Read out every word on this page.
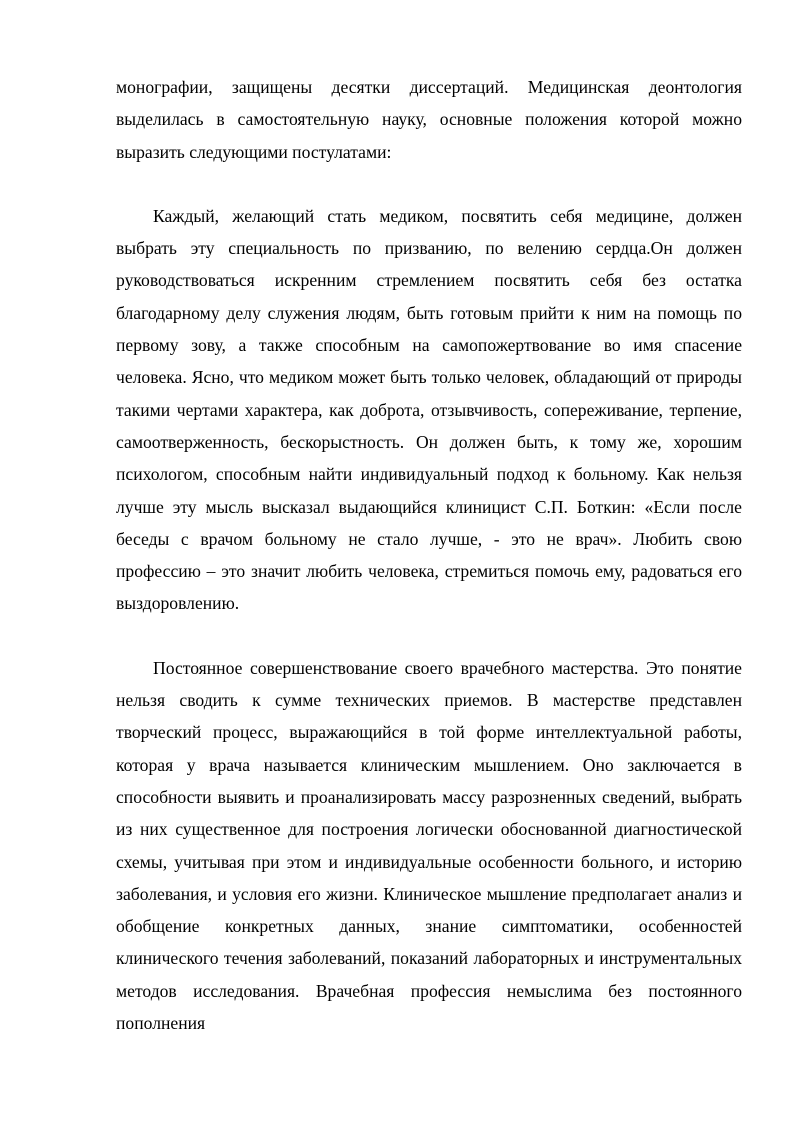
монографии, защищены десятки диссертаций. Медицинская деонтология выделилась в самостоятельную науку, основные положения которой можно выразить следующими постулатами:

Каждый, желающий стать медиком, посвятить себя медицине, должен выбрать эту специальность по призванию, по велению сердца.Он должен руководствоваться искренним стремлением посвятить себя без остатка благодарному делу служения людям, быть готовым прийти к ним на помощь по первому зову, а также способным на самопожертвование во имя спасение человека. Ясно, что медиком может быть только человек, обладающий от природы такими чертами характера, как доброта, отзывчивость, сопереживание, терпение, самоотверженность, бескорыстность. Он должен быть, к тому же, хорошим психологом, способным найти индивидуальный подход к больному. Как нельзя лучше эту мысль высказал выдающийся клиницист С.П. Боткин: «Если после беседы с врачом больному не стало лучше, - это не врач». Любить свою профессию – это значит любить человека, стремиться помочь ему, радоваться его выздоровлению.

Постоянное совершенствование своего врачебного мастерства. Это понятие нельзя сводить к сумме технических приемов. В мастерстве представлен творческий процесс, выражающийся в той форме интеллектуальной работы, которая у врача называется клиническим мышлением. Оно заключается в способности выявить и проанализировать массу разрозненных сведений, выбрать из них существенное для построения логически обоснованной диагностической схемы, учитывая при этом и индивидуальные особенности больного, и историю заболевания, и условия его жизни. Клиническое мышление предполагает анализ и обобщение конкретных данных, знание симптоматики, особенностей клинического течения заболеваний, показаний лабораторных и инструментальных методов исследования. Врачебная профессия немыслима без постоянного пополнения
